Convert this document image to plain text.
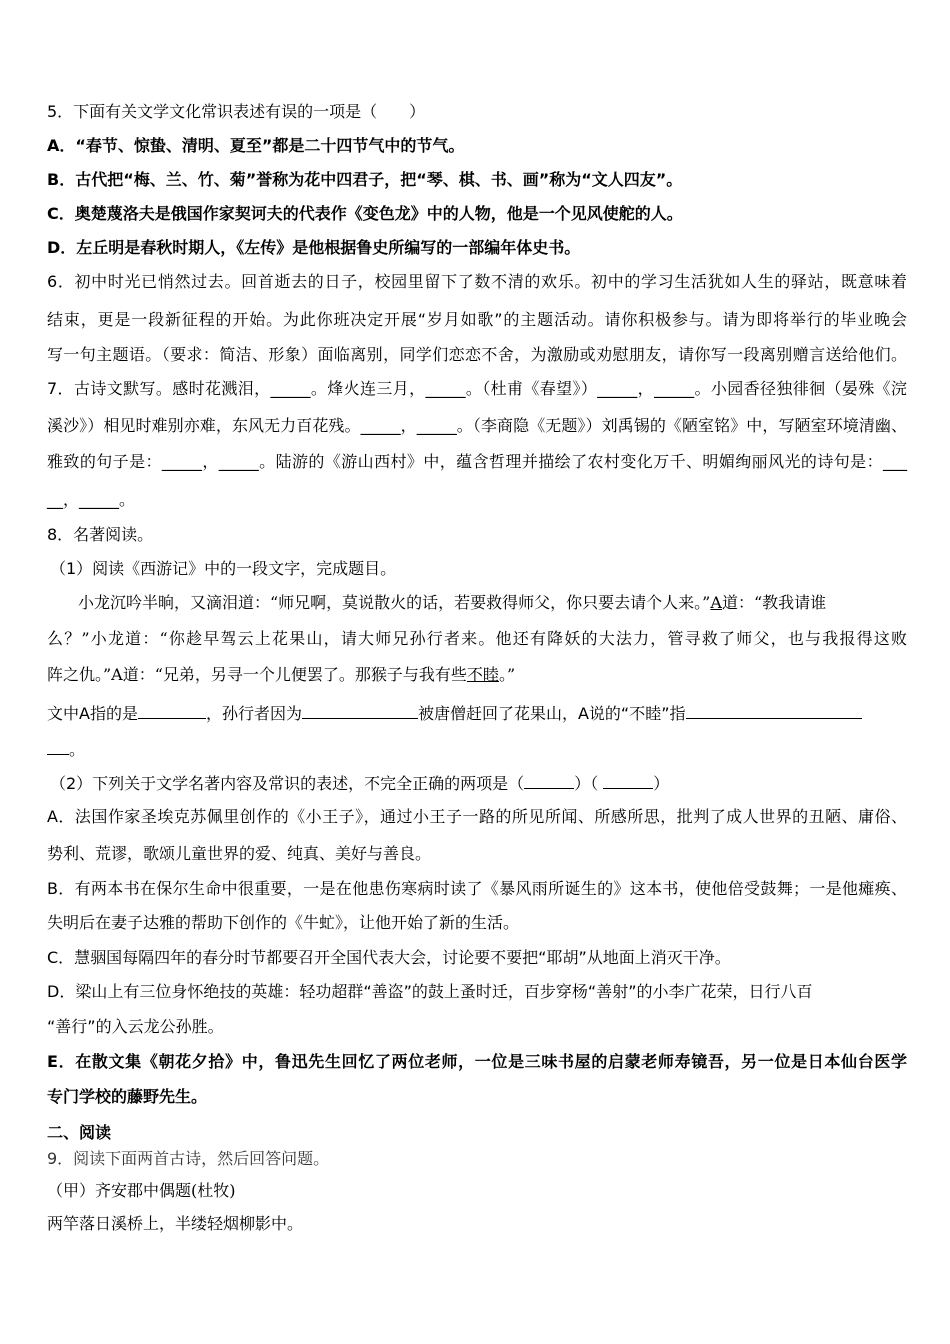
5．下面有关文学文化常识表述有误的一项是（　　）
A．“春节、惊蛰、清明、夏至”都是二十四节气中的节气。
B．古代把“梅、兰、竹、菊”誉称为花中四君子，把“琴、棋、书、画”称为“文人四友”。
C．奥楚蔑洛夫是俄国作家契诃夫的代表作《变色龙》中的人物，他是一个见风使舵的人。
D．左丘明是春秋时期人，《左传》是他根据鲁史所编写的一部编年体史书。
6．初中时光已悄然过去。回首逝去的日子，校园里留下了数不清的欢乐。初中的学习生活犹如人生的驿站，既意味着
结束，更是一段新征程的开始。为此你班决定开展“岁月如歌”的主题活动。请你积极参与。请为即将举行的毕业晚会
写一句主题语。（要求：简洁、形象）面临离别，同学们恋恋不舍，为激励或劝慰朋友，请你写一段离别赠言送给他们。
7．古诗文默写。感时花溅泪，_____。烽火连三月，_____。（杜甫《春望》）_____，_____。小园香径独徘徊（晏殊《浣
溪沙》）相见时难别亦难，东风无力百花残。_____，_____。（李商隐《无题》）刘禹锡的《陋室铭》中，写陋室环境清幽、
雅致的句子是：_____，_____。陆游的《游山西村》中，蕴含哲理并描绘了农村变化万千、明媚绚丽风光的诗句是：___
__，_____。
8．名著阅读。
（1）阅读《西游记》中的一段文字，完成题目。
小龙沉吟半晌，又滴泪道：“师兄啊，莫说散火的话，若要救得师父，你只要去请个人来。”A道：“教我请谁
么？”小龙道：“你趁早驾云上花果山，请大师兄孙行者来。他还有降妖的大法力，管寻救了师父，也与我报得这败
阵之仇。”A道：“兄弟，另寻一个儿便罢了。那猴子与我有些不睦。”
文中A指的是	，孙行者因为	被唐僧赶回了花果山，A说的“不睦”指
。
（2）下列关于文学名著内容及常识的表述，不完全正确的两项是（	）（	）
A．法国作家圣埃克苏佩里创作的《小王子》，通过小王子一路的所见所闻、所感所思，批判了成人世界的丑陋、庸俗、
势利、荒谬，歌颂儿童世界的爱、纯真、美好与善良。
B．有两本书在保尔生命中很重要，一是在他患伤寒病时读了《暴风雨所诞生的》这本书，使他倍受鼓舞；一是他瘫痪、
失明后在妻子达雅的帮助下创作的《牛虻》，让他开始了新的生活。
C．慧骃国每隔四年的春分时节都要召开全国代表大会，讨论要不要把“耶胡”从地面上消灭干净。
D．梁山上有三位身怀绝技的英雄：轻功超群“善盗”的鼓上蚤时迁，百步穿杨“善射”的小李广花荣，日行八百
“善行”的入云龙公孙胜。
E．在散文集《朝花夕拾》中，鲁迅先生回忆了两位老师，一位是三味书屋的启蒙老师寿镜吾，另一位是日本仙台医学
专门学校的藤野先生。
二、阅读
9．阅读下面两首古诗，然后回答问题。
（甲）齐安郡中偶题(杜牧)
两竿落日溪桥上，半缕轻烟柳影中。
